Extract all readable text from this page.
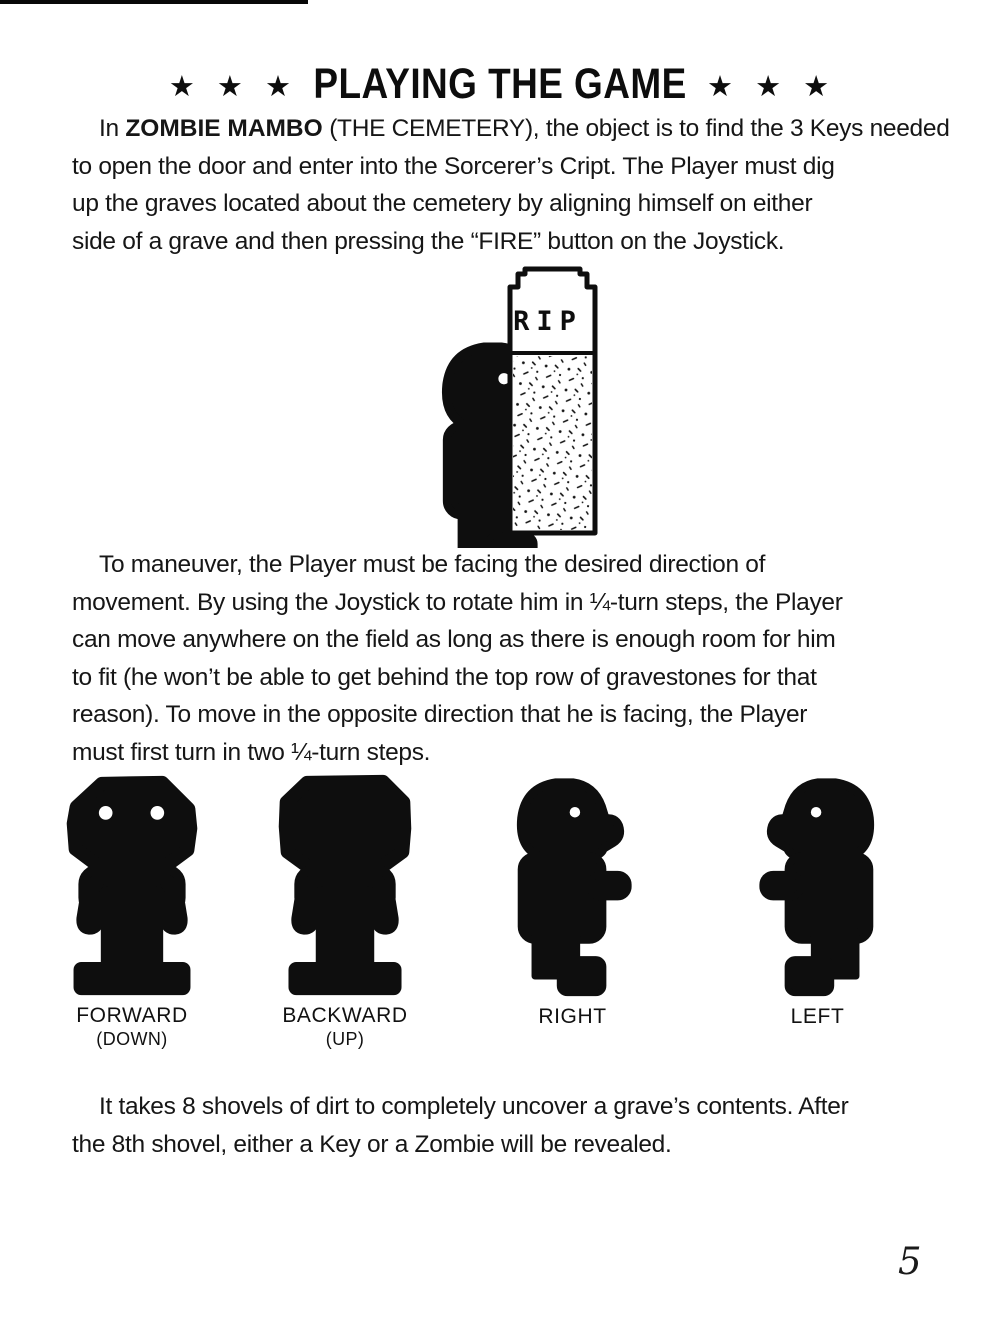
★ ★ ★ PLAYING THE GAME ★ ★ ★
In ZOMBIE MAMBO (THE CEMETERY), the object is to find the 3 Keys needed
to open the door and enter into the Sorcerer’s Cript. The Player must dig
up the graves located about the cemetery by aligning himself on either
side of a grave and then pressing the “FIRE” button on the Joystick.
RIP
To maneuver, the Player must be facing the desired direction of
movement. By using the Joystick to rotate him in ¼-turn steps, the Player
can move anywhere on the field as long as there is enough room for him
to fit (he won’t be able to get behind the top row of gravestones for that
reason). To move in the opposite direction that he is facing, the Player
must first turn in two ¼-turn steps.
FORWARD
(DOWN)
BACKWARD
(UP)
RIGHT	LEFT
It takes 8 shovels of dirt to completely uncover a grave’s contents. After
the 8th shovel, either a Key or a Zombie will be revealed.
5
